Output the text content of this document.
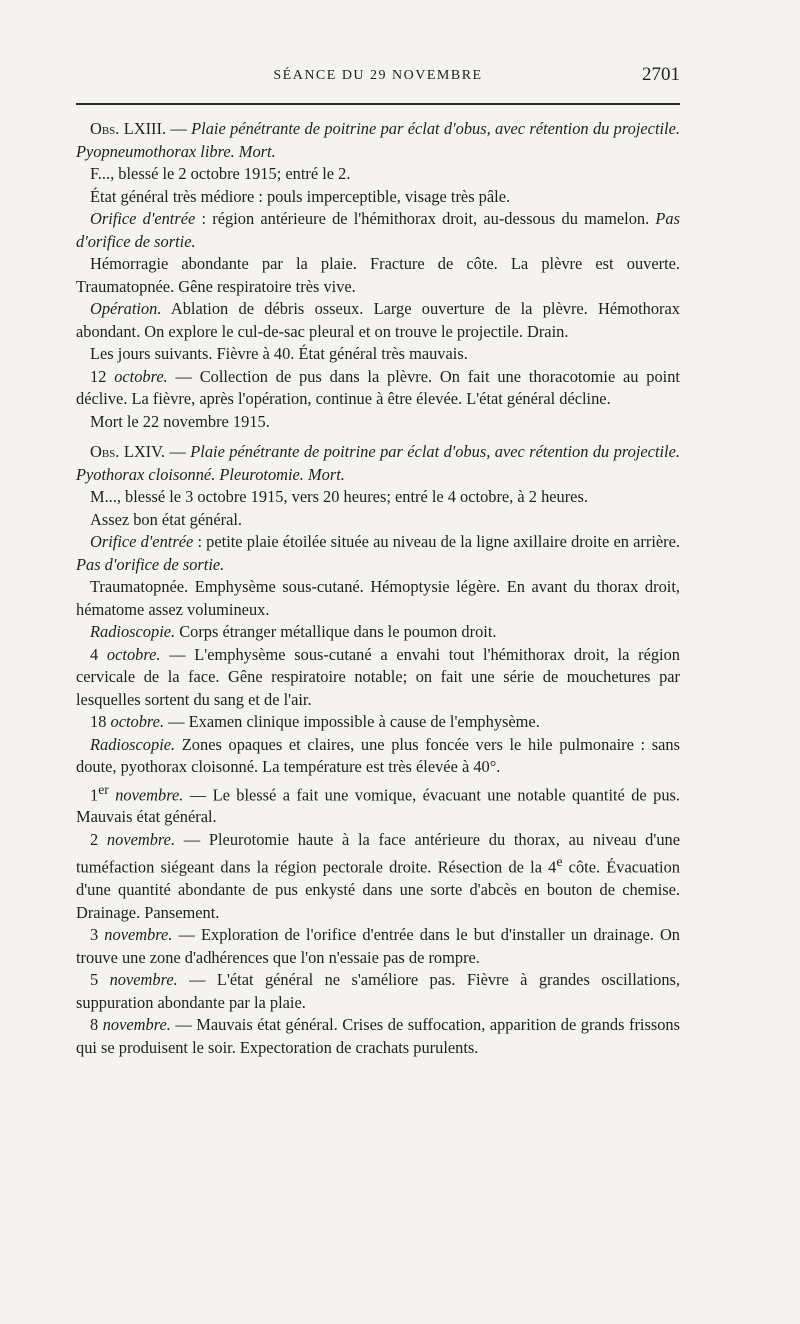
SÉANCE DU 29 NOVEMBRE	2701

Obs. LXIII. — Plaie pénétrante de poitrine par éclat d'obus, avec rétention du projectile. Pyopneumothorax libre. Mort.

F..., blessé le 2 octobre 1915; entré le 2.

État général très médiore : pouls imperceptible, visage très pâle.

Orifice d'entrée : région antérieure de l'hémithorax droit, au-dessous du mamelon. Pas d'orifice de sortie.

Hémorragie abondante par la plaie. Fracture de côte. La plèvre est ouverte. Traumatopnée. Gêne respiratoire très vive.

Opération. Ablation de débris osseux. Large ouverture de la plèvre. Hémothorax abondant. On explore le cul-de-sac pleural et on trouve le projectile. Drain.

Les jours suivants. Fièvre à 40. État général très mauvais.

12 octobre. — Collection de pus dans la plèvre. On fait une thoracotomie au point déclive. La fièvre, après l'opération, continue à être élevée. L'état général décline.

Mort le 22 novembre 1915.

Obs. LXIV. — Plaie pénétrante de poitrine par éclat d'obus, avec rétention du projectile. Pyothorax cloisonné. Pleurotomie. Mort.

M..., blessé le 3 octobre 1915, vers 20 heures; entré le 4 octobre, à 2 heures.

Assez bon état général.

Orifice d'entrée : petite plaie étoilée située au niveau de la ligne axillaire droite en arrière. Pas d'orifice de sortie.

Traumatopnée. Emphysème sous-cutané. Hémoptysie légère. En avant du thorax droit, hématome assez volumineux.

Radioscopie. Corps étranger métallique dans le poumon droit.

4 octobre. — L'emphysème sous-cutané a envahi tout l'hémithorax droit, la région cervicale de la face. Gêne respiratoire notable; on fait une série de mouchetures par lesquelles sortent du sang et de l'air.

18 octobre. — Examen clinique impossible à cause de l'emphysème.

Radioscopie. Zones opaques et claires, une plus foncée vers le hile pulmonaire : sans doute, pyothorax cloisonné. La température est très élevée à 40°.

1er novembre. — Le blessé a fait une vomique, évacuant une notable quantité de pus. Mauvais état général.

2 novembre. — Pleurotomie haute à la face antérieure du thorax, au niveau d'une tuméfaction siégeant dans la région pectorale droite. Résection de la 4e côte. Évacuation d'une quantité abondante de pus enkysté dans une sorte d'abcès en bouton de chemise. Drainage. Pansement.

3 novembre. — Exploration de l'orifice d'entrée dans le but d'installer un drainage. On trouve une zone d'adhérences que l'on n'essaie pas de rompre.

5 novembre. — L'état général ne s'améliore pas. Fièvre à grandes oscillations, suppuration abondante par la plaie.

8 novembre. — Mauvais état général. Crises de suffocation, apparition de grands frissons qui se produisent le soir. Expectoration de crachats purulents.
